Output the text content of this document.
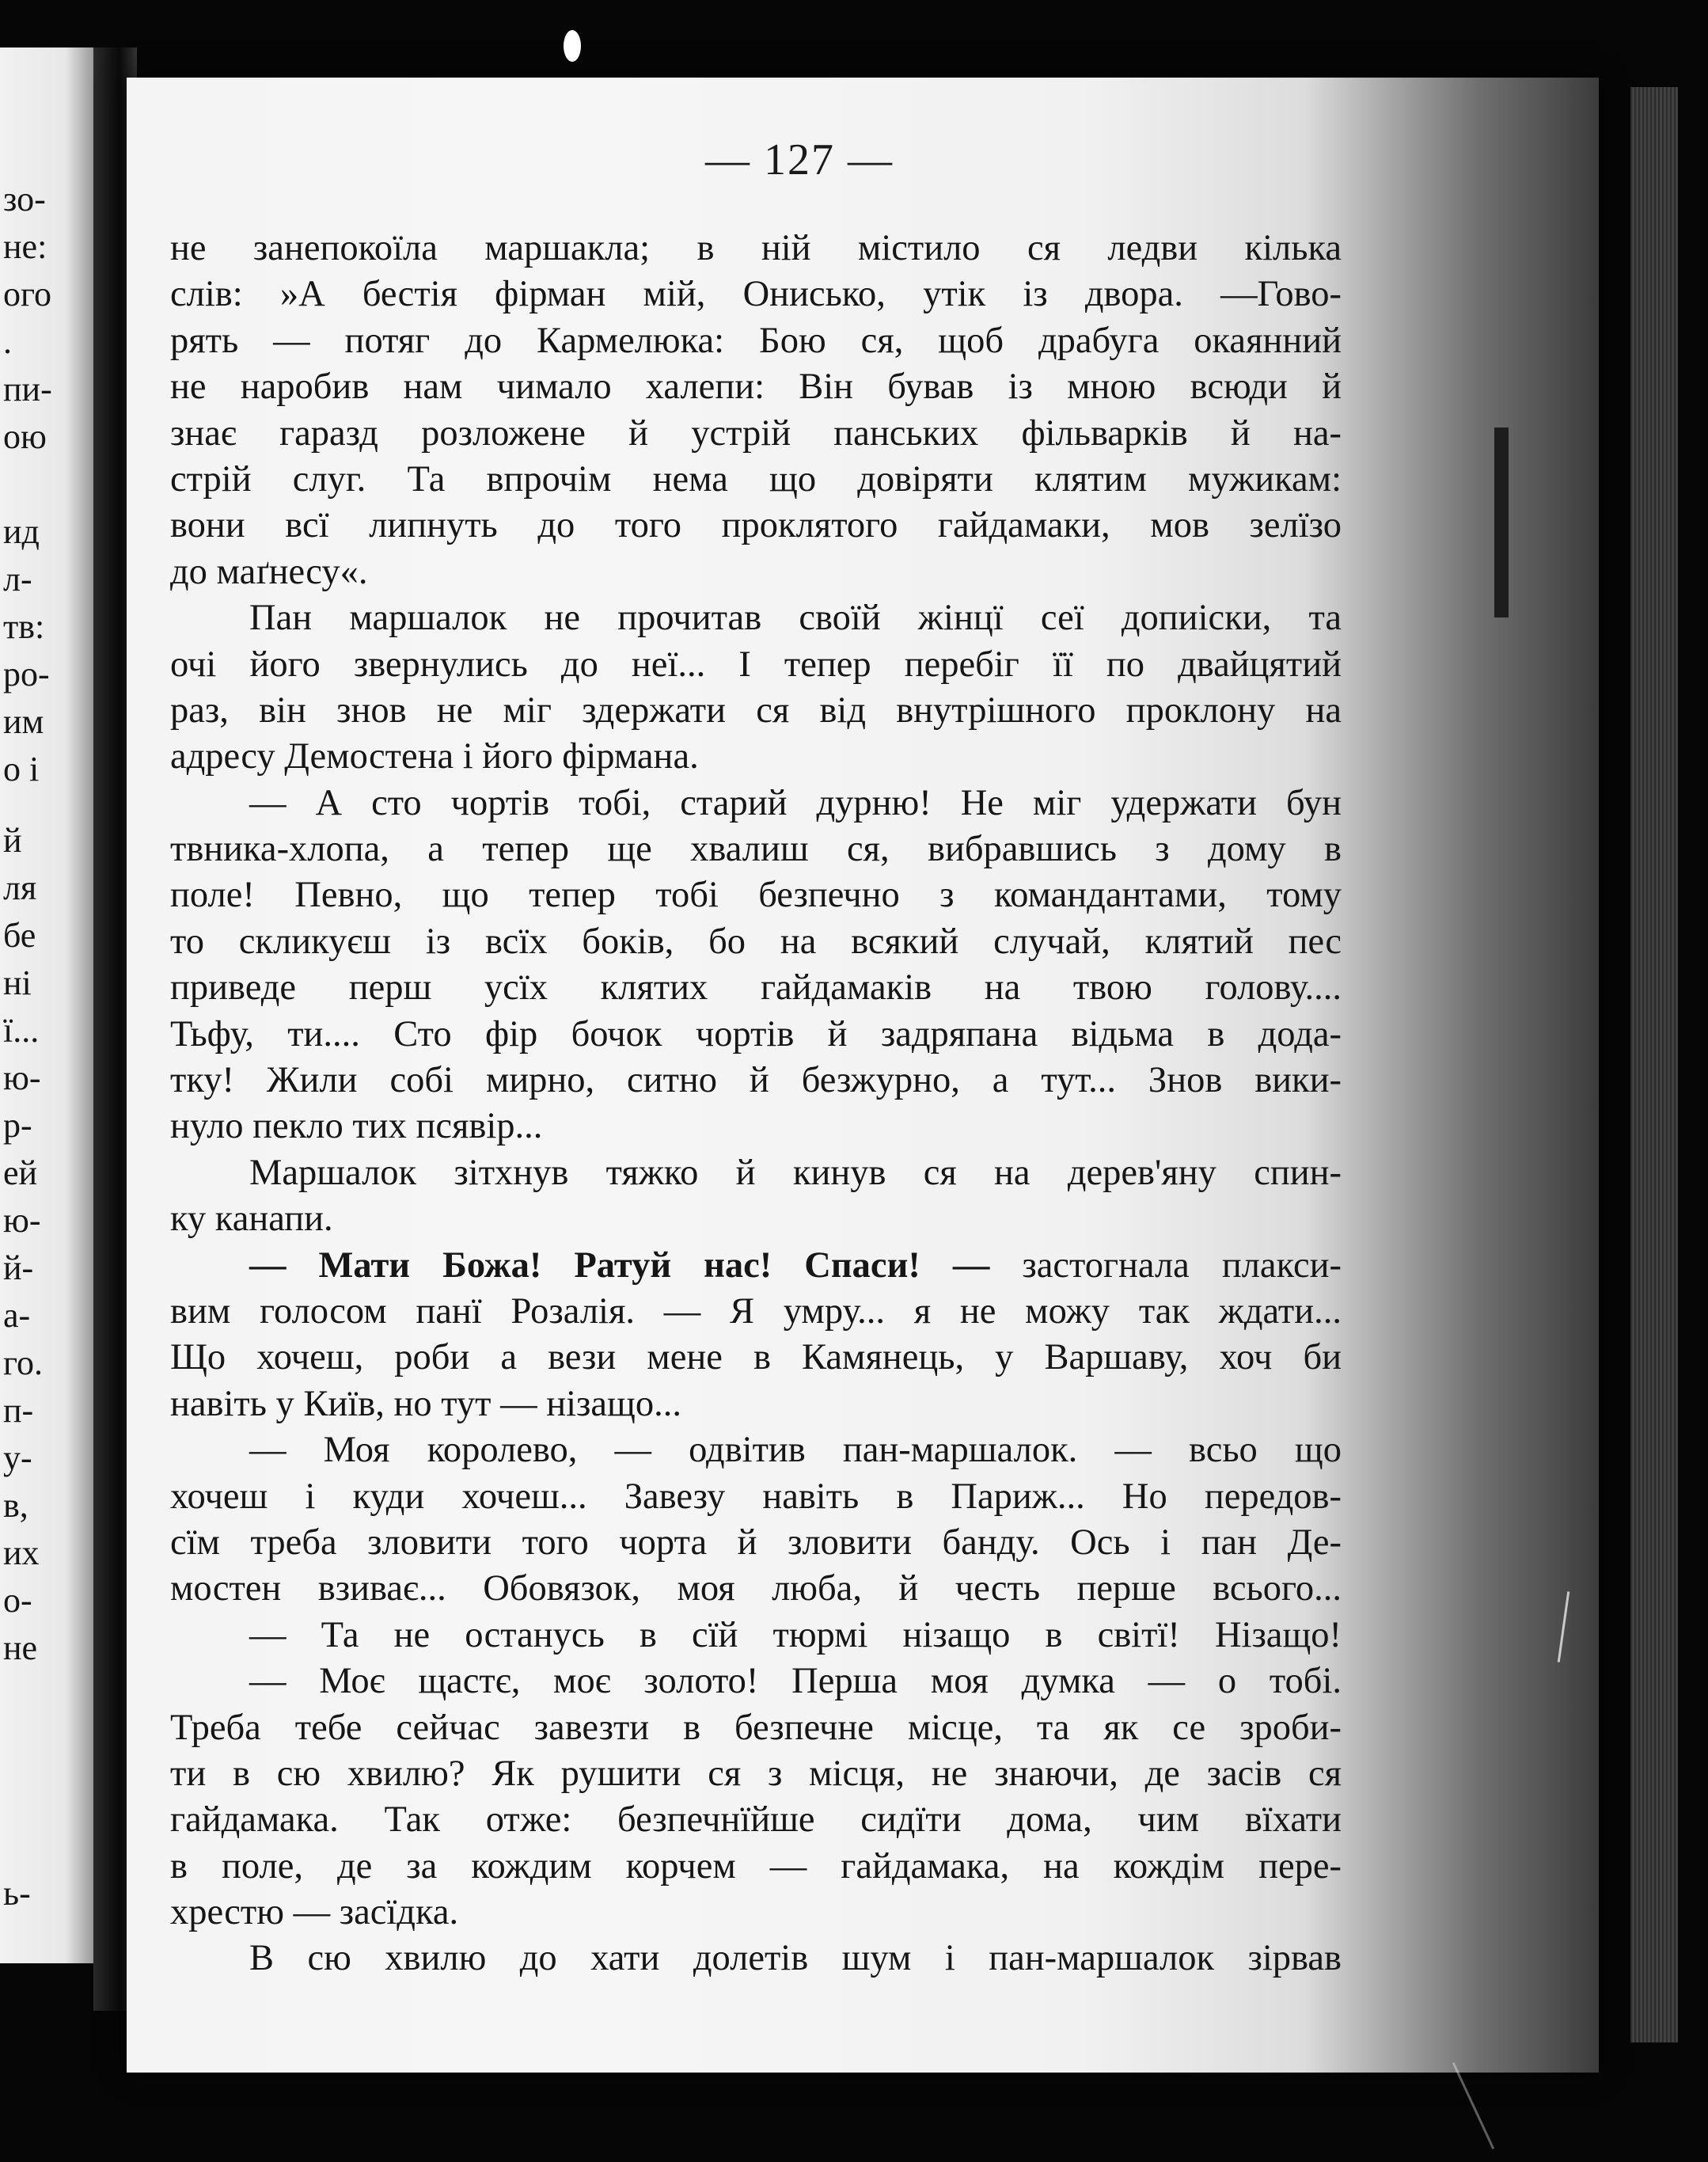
зо-
не:
ого
.
пи-
ою
ид
л-
тв:
ро-
им
о і
й
ля
бе
ні
ї...
ю-
р-
ей
ю-
й-
а-
го.
п-
у-
в,
их
о-
не
ь-
— 127 —
не занепокоїла маршакла; в ній містило ся ледви кілька
слів: »А бестія фірман мій, Онисько, утік із двора. —Гово-
рять — потяг до Кармелюка: Бою ся, щоб драбуга окаянний
не наробив нам чимало халепи: Він бував із мною всюди й
знає гаразд розложене й устрій панських фільварків й на-
стрій слуг. Та впрочім нема що довіряти клятим мужикам:
вони всї липнуть до того проклятого гайдамаки, мов зелїзо
до маґнесу«.
Пан маршалок не прочитав своїй жінцї сеї допиіски, та
очі його звернулись до неї... І тепер перебіг її по двайцятий
раз, він знов не міг здержати ся від внутрішного проклону на
адресу Демостена і його фірмана.
— А сто чортів тобі, старий дурню! Не міг удержати бун
твника-хлопа, а тепер ще хвалиш ся, вибравшись з дому в
поле! Певно, що тепер тобі безпечно з командантами, тому
то скликуєш із всїх боків, бо на всякий случай, клятий пес
приведе перш усїх клятих гайдамаків на твою голову....
Тьфу, ти.... Сто фір бочок чортів й задряпана відьма в дода-
тку! Жили собі мирно, ситно й безжурно, а тут... Знов вики-
нуло пекло тих псявір...
Маршалок зітхнув тяжко й кинув ся на дерев'яну спин-
ку канапи.
— Мати Божа! Ратуй нас! Спаси! — застогнала плакси-
вим голосом панї Розалія. — Я умру... я не можу так ждати...
Що хочеш, роби а вези мене в Камянець, у Варшаву, хоч би
навіть у Київ, но тут — нізащо...
— Моя королево, — одвітив пан-маршалок. — всьо що
хочеш і куди хочеш... Завезу навіть в Париж... Но передов-
сїм треба зловити того чорта й зловити банду. Ось і пан Де-
мостен взиває... Обовязок, моя люба, й честь перше всього...
— Та не останусь в сїй тюрмі нізащо в світї! Нізащо!
— Моє щастє, моє золото! Перша моя думка — о тобі.
Треба тебе сейчас завезти в безпечне місце, та як се зроби-
ти в сю хвилю? Як рушити ся з місця, не знаючи, де засів ся
гайдамака. Так отже: безпечнїйше сидїти дома, чим вїхати
в поле, де за кождим корчем — гайдамака, на кождім пере-
хрестю — засїдка.
В сю хвилю до хати долетів шум і пан-маршалок зірвав
